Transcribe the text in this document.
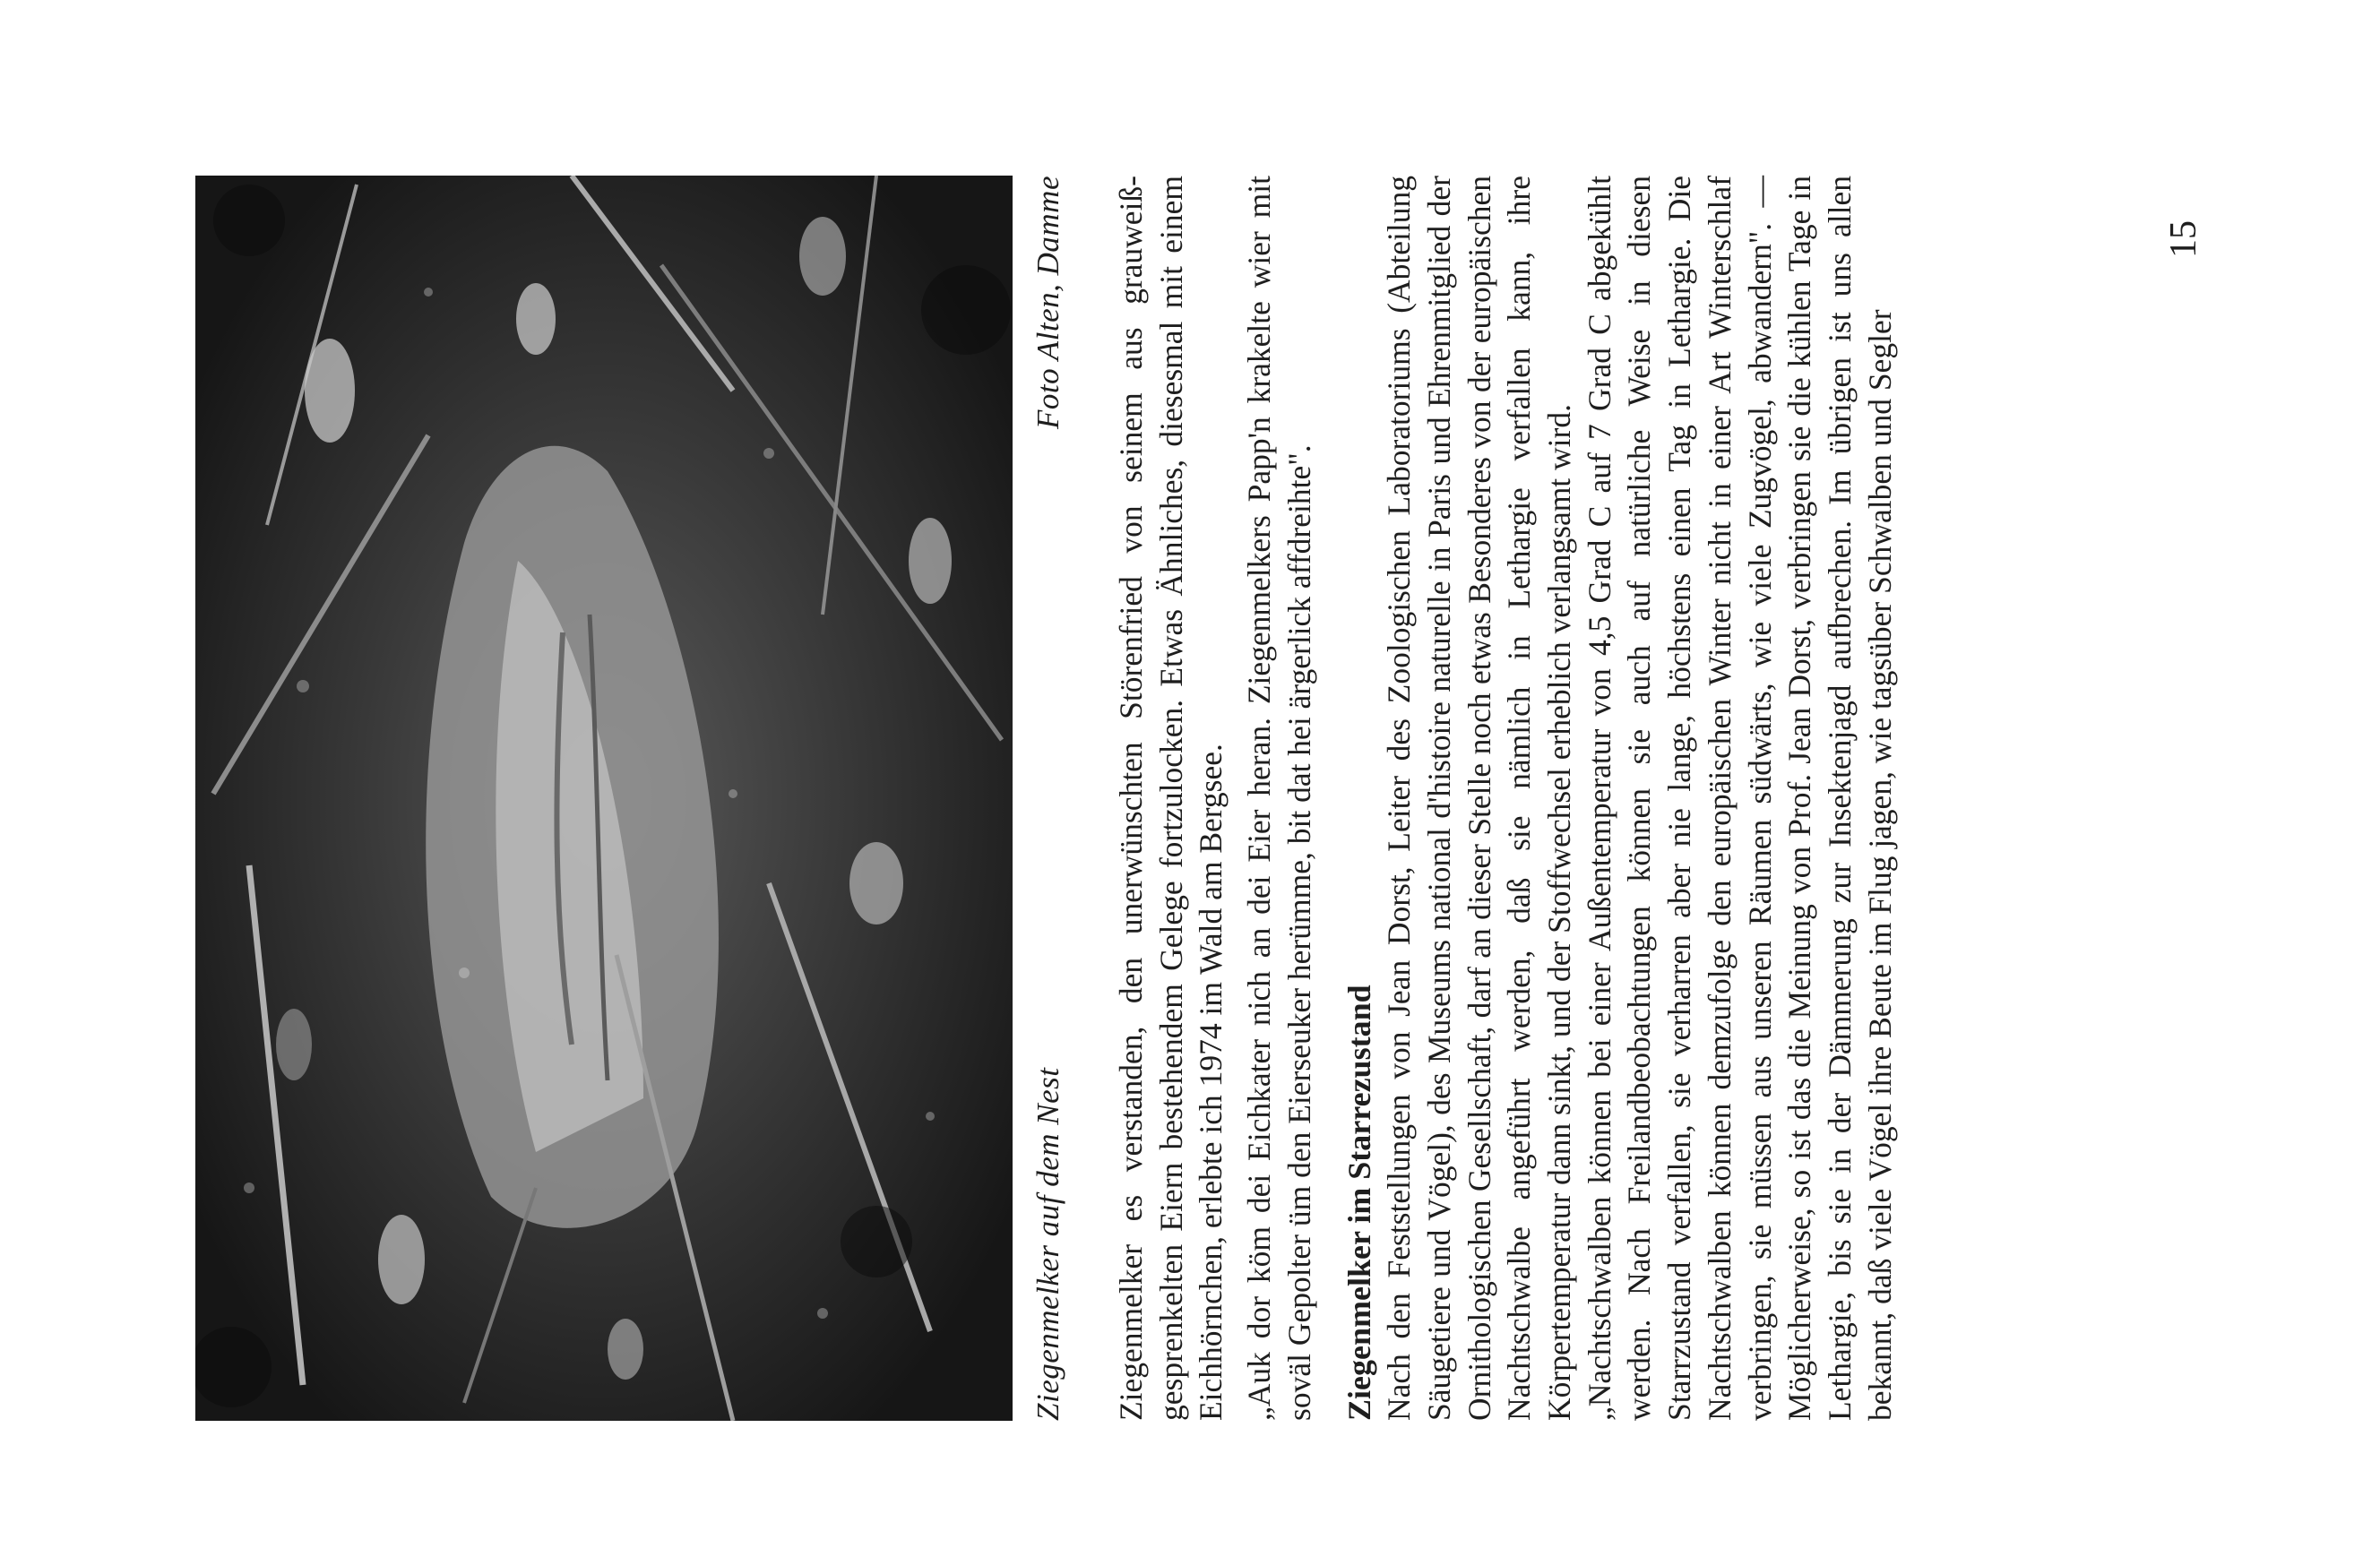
Ziegenmelker auf dem Nest
Foto Alten, Damme	Ziegenmelker es verstanden, den unerwünschten Störenfried von seinem aus grauweiß-gesprenkelten Eiern bestehendem Gelege fortzulocken. Etwas Ähnliches, diesesmal mit einem Eichhörnchen, erlebte ich 1974 im Wald am Bergsee. „Auk dor köm dei Eichkater nich an dei Eier heran. Ziegenmelkers Papp'n krakelte wier mit soväl Gepolter üm den Eierseuker herümme, bit dat hei ärgerlick affdreihte". Ziegenmelker im Starrezustand Nach den Feststellungen von Jean Dorst, Leiter des Zoologischen Laboratoriums (Abteilung Säugetiere und Vögel), des Museums national d'histoire naturelle in Paris und Ehrenmitglied der Ornithologischen Gesellschaft, darf an dieser Stelle noch etwas Besonderes von der europäischen Nachtschwalbe angeführt werden, daß sie nämlich in Lethargie verfallen kann, ihre Körpertemperatur dann sinkt, und der Stoffwechsel erheblich verlangsamt wird. „Nachtschwalben können bei einer Außentemperatur von 4,5 Grad C auf 7 Grad C abgekühlt werden. Nach Freilandbeobachtungen können sie auch auf natürliche Weise in diesen Starrzustand verfallen, sie verharren aber nie lange, höchstens einen Tag in Lethargie. Die Nachtschwalben können demzufolge den europäischen Winter nicht in einer Art Winterschlaf verbringen, sie müssen aus unseren Räumen südwärts, wie viele Zugvögel, abwandern". — Möglicherweise, so ist das die Meinung von Prof. Jean Dorst, verbringen sie die kühlen Tage in Lethargie, bis sie in der Dämmerung zur Insektenjagd aufbrechen. Im übrigen ist uns allen bekannt, daß viele Vögel ihre Beute im Flug jagen, wie tagsüber Schwalben und Segler

15
